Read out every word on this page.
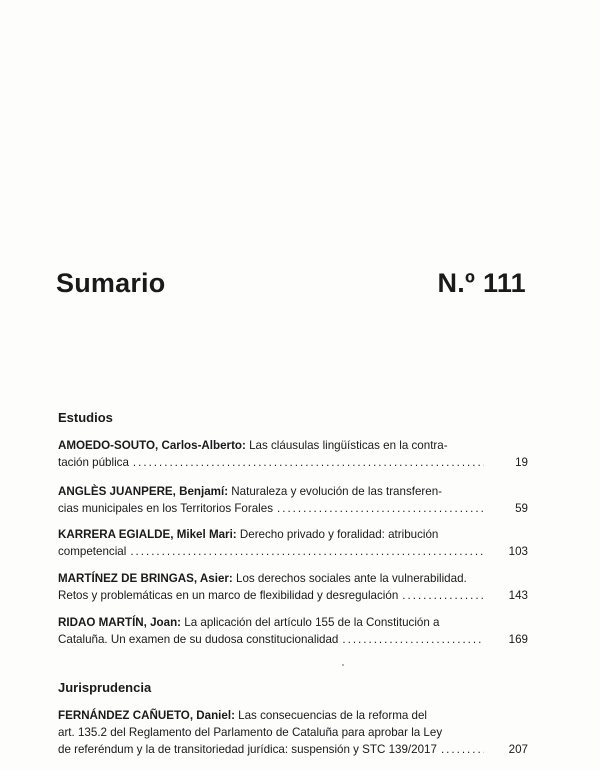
Sumario	N.º 111
Estudios
AMOEDO-SOUTO, Carlos-Alberto: Las cláusulas lingüísticas en la contra-
tación pública .....	19
ANGLÈS JUANPERE, Benjamí: Naturaleza y evolución de las transferen-
cias municipales en los Territorios Forales .....	59
KARRERA EGIALDE, Mikel Mari: Derecho privado y foralidad: atribución
competencial .....	103
MARTÍNEZ DE BRINGAS, Asier: Los derechos sociales ante la vulnerabilidad.
Retos y problemáticas en un marco de flexibilidad y desregulación .....	143
RIDAO MARTÍN, Joan: La aplicación del artículo 155 de la Constitución a
Cataluña. Un examen de su dudosa constitucionalidad .....	169
Jurisprudencia
FERNÁNDEZ CAÑUETO, Daniel: Las consecuencias de la reforma del
art. 135.2 del Reglamento del Parlamento de Cataluña para aprobar la Ley
de referéndum y la de transitoriedad jurídica: suspensión y STC 139/2017 .....	207
